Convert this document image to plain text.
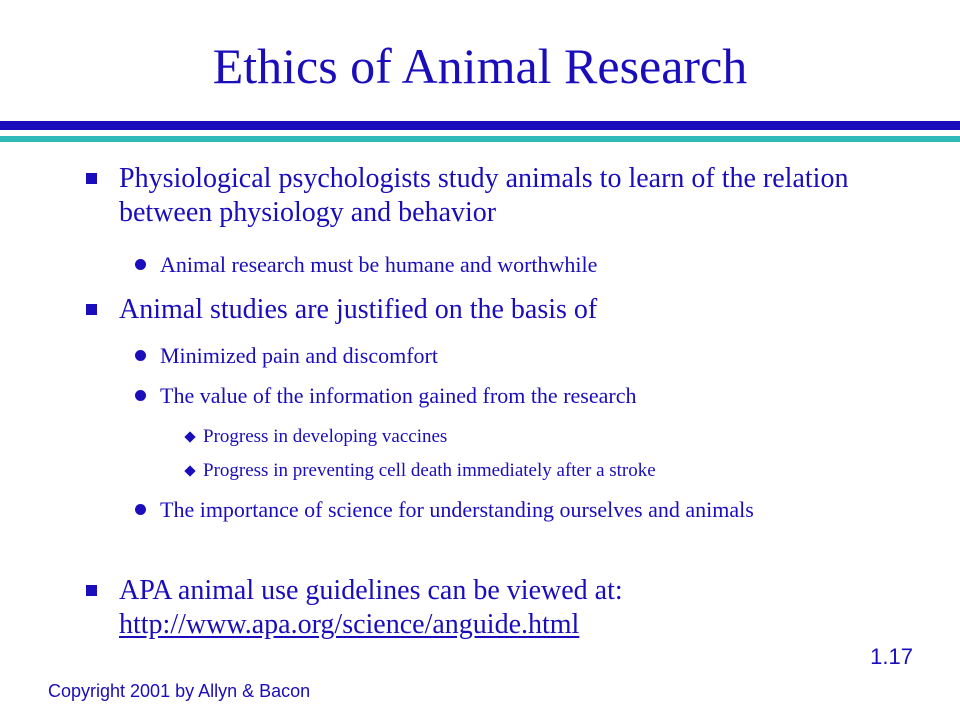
Ethics of Animal Research
Physiological psychologists study animals to learn of the relation between physiology and behavior
Animal research must be humane and worthwhile
Animal studies are justified on the basis of
Minimized pain and discomfort
The value of the information gained from the research
Progress in developing vaccines
Progress in preventing cell death immediately after a stroke
The importance of science for understanding ourselves and animals
APA animal use guidelines can be viewed at:
http://www.apa.org/science/anguide.html
1.17
Copyright 2001 by Allyn & Bacon
